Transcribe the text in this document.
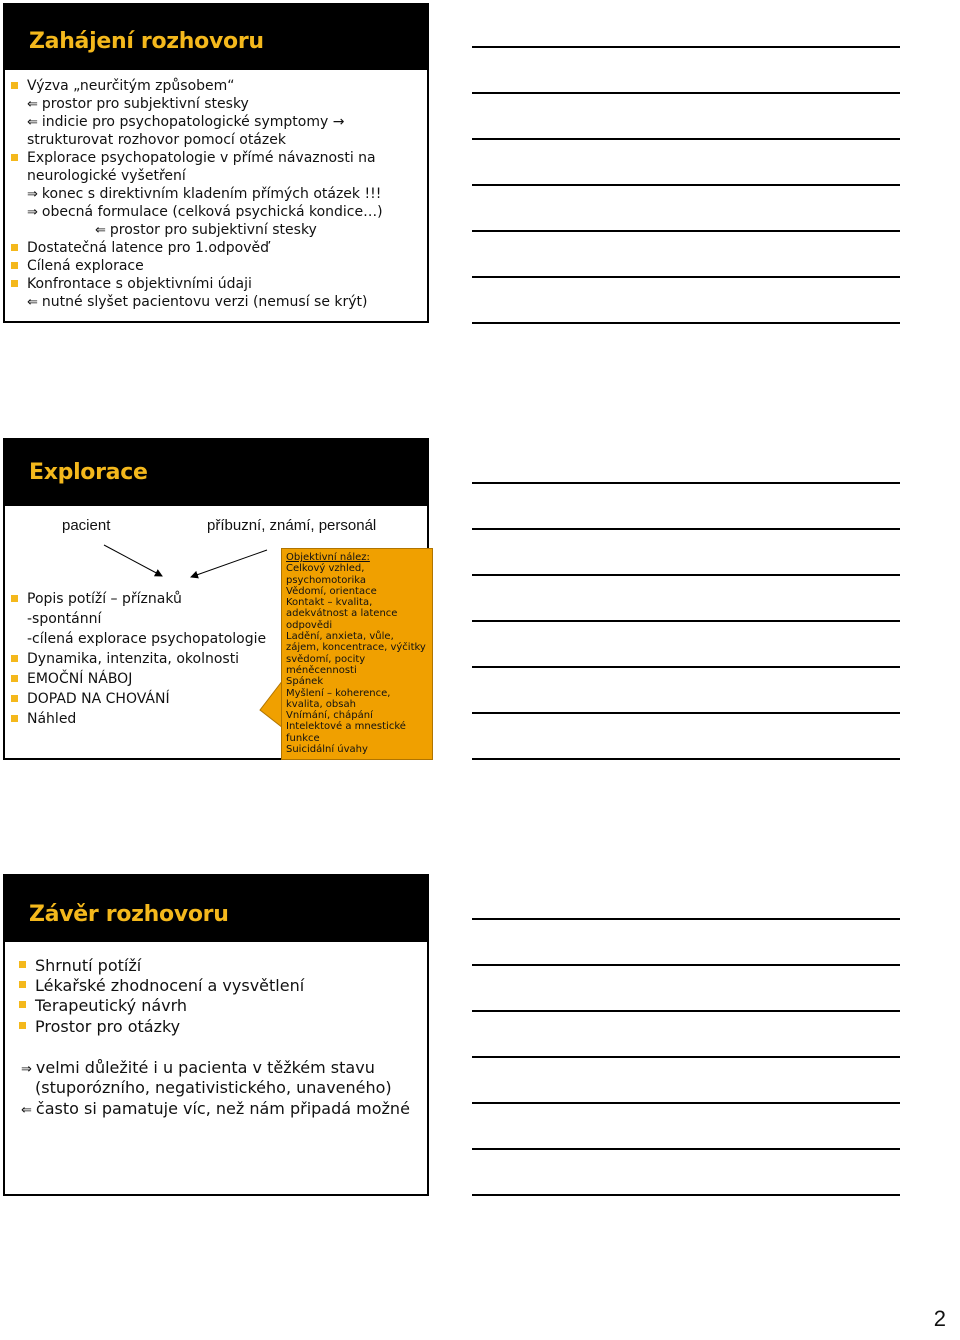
Zahájení rozhovoru
Výzva „neurčitým způsobem“
⇐ prostor pro subjektivní stesky
⇐ indicie pro psychopatologické symptomy →
strukturovat rozhovor pomocí otázek
Explorace psychopatologie v přímé návaznosti na
neurologické vyšetření
⇒ konec s direktivním kladením přímých otázek !!!
⇒ obecná formulace (celková psychická kondice…)
⇐ prostor pro subjektivní stesky
Dostatečná latence pro 1.odpověď
Cílená explorace
Konfrontace s objektivními údaji
⇐ nutné slyšet pacientovu verzi (nemusí se krýt)
Explorace
pacient	příbuzní, známí, personál
Popis potíží – příznaků
-spontánní
-cílená explorace psychopatologie
Dynamika, intenzita, okolnosti
EMOČNÍ NÁBOJ
DOPAD NA CHOVÁNÍ
Náhled
Objektivní nález:
Celkový vzhled, psychomotorika
Vědomí, orientace
Kontakt – kvalita, adekvátnost a latence odpovědi
Ladění, anxieta, vůle, zájem, koncentrace, výčitky svědomí, pocity méněcennosti
Spánek
Myšlení – koherence, kvalita, obsah
Vnímání, chápání
Intelektové a mnestické funkce
Suicidální úvahy
Závěr rozhovoru
Shrnutí potíží
Lékařské zhodnocení a vysvětlení
Terapeutický návrh
Prostor pro otázky
⇒ velmi důležité i u pacienta v těžkém stavu
(stuporózního, negativistického, unaveného)
⇐ často si pamatuje víc, než nám připadá možné
2
